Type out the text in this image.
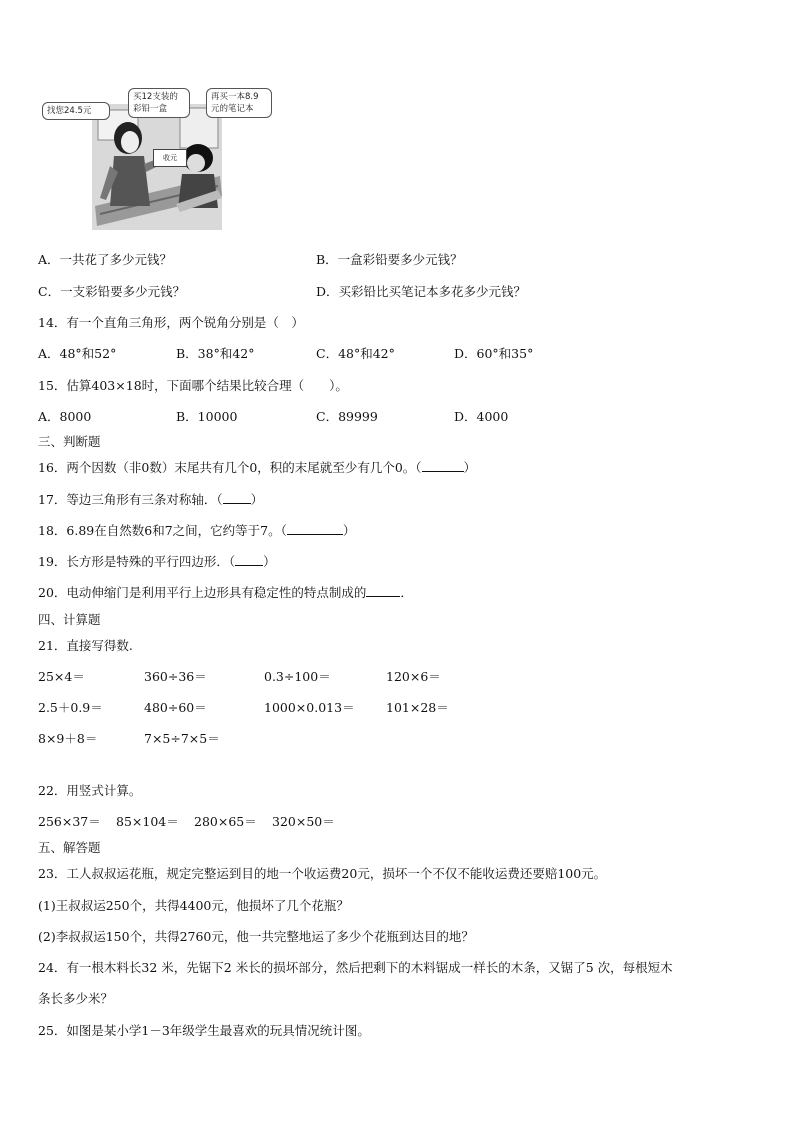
收元
找您24.5元
买12支装的彩铅一盒
再买一本8.9元的笔记本
A．一共花了多少元钱？	B．一盒彩铅要多少元钱？
C．一支彩铅要多少元钱？	D．买彩铅比买笔记本多花多少元钱？
14．有一个直角三角形，两个锐角分别是（　）
A．48°和52°	B．38°和42°	C．48°和42°	D．60°和35°
15．估算403×18时，下面哪个结果比较合理（　　）。
A．8000	B．10000	C．89999	D．4000
三、判断题
16．两个因数（非0数）末尾共有几个0，积的末尾就至少有几个0。（	）
17．等边三角形有三条对称轴．（ ）
18．6.89在自然数6和7之间，它约等于7。（	）
19．长方形是特殊的平行四边形．（ ）
20．电动伸缩门是利用平行上边形具有稳定性的特点制成的	．
四、计算题
21．直接写得数.
25×4＝	360÷36＝	0.3÷100＝	120×6＝
2.5＋0.9＝	480÷60＝	1000×0.013＝	101×28＝
8×9＋8＝	7×5÷7×5＝
22．用竖式计算。
256×37＝ 85×104＝ 280×65＝ 320×50＝
五、解答题
23．工人叔叔运花瓶，规定完整运到目的地一个收运费20元，损坏一个不仅不能收运费还要赔100元。
(1)王叔叔运250个，共得4400元，他损坏了几个花瓶？
(2)李叔叔运150个，共得2760元，他一共完整地运了多少个花瓶到达目的地？
24．有一根木料长32 米，先锯下2 米长的损坏部分，然后把剩下的木料锯成一样长的木条，又锯了5 次，每根短木
条长多少米？
25．如图是某小学1－3年级学生最喜欢的玩具情况统计图。
